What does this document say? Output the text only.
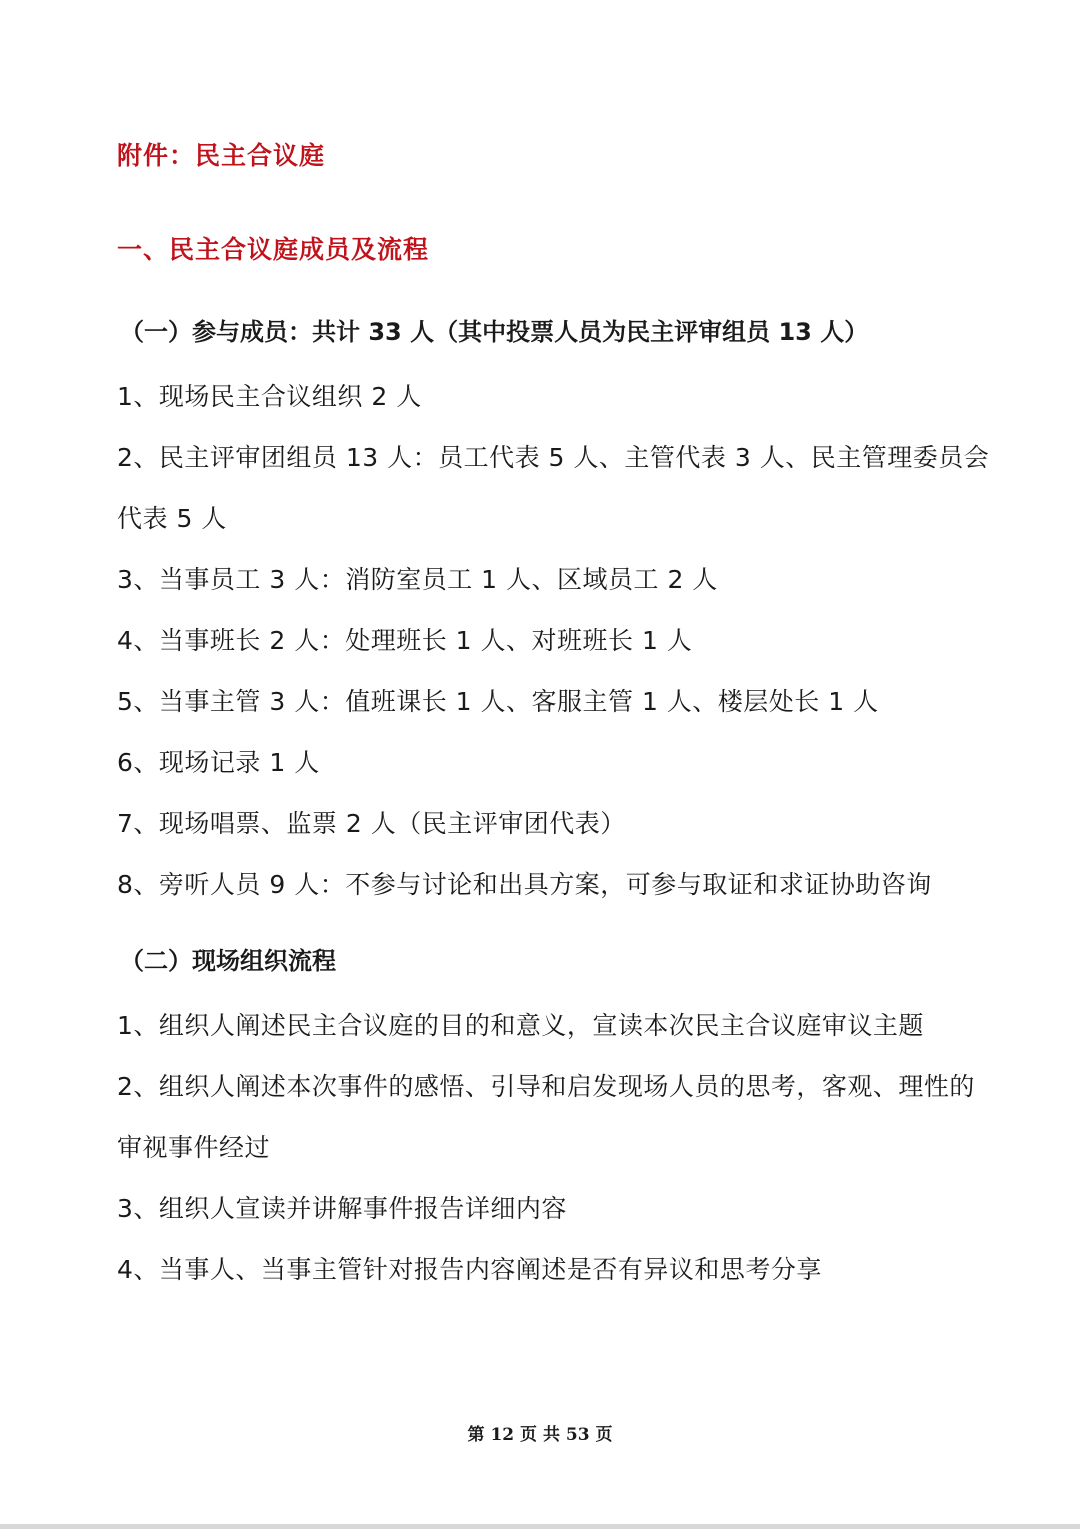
附件：民主合议庭
一、民主合议庭成员及流程
（一）参与成员：共计 33 人（其中投票人员为民主评审组员 13 人）
1、现场民主合议组织 2 人
2、民主评审团组员 13 人：员工代表 5 人、主管代表 3 人、民主管理委员会
代表 5 人
3、当事员工 3 人：消防室员工 1 人、区域员工 2 人
4、当事班长 2 人：处理班长 1 人、对班班长 1 人
5、当事主管 3 人：值班课长 1 人、客服主管 1 人、楼层处长 1 人
6、现场记录 1 人
7、现场唱票、监票 2 人（民主评审团代表）
8、旁听人员 9 人：不参与讨论和出具方案，可参与取证和求证协助咨询
（二）现场组织流程
1、组织人阐述民主合议庭的目的和意义，宣读本次民主合议庭审议主题
2、组织人阐述本次事件的感悟、引导和启发现场人员的思考，客观、理性的
审视事件经过
3、组织人宣读并讲解事件报告详细内容
4、当事人、当事主管针对报告内容阐述是否有异议和思考分享
第 12 页 共 53 页
